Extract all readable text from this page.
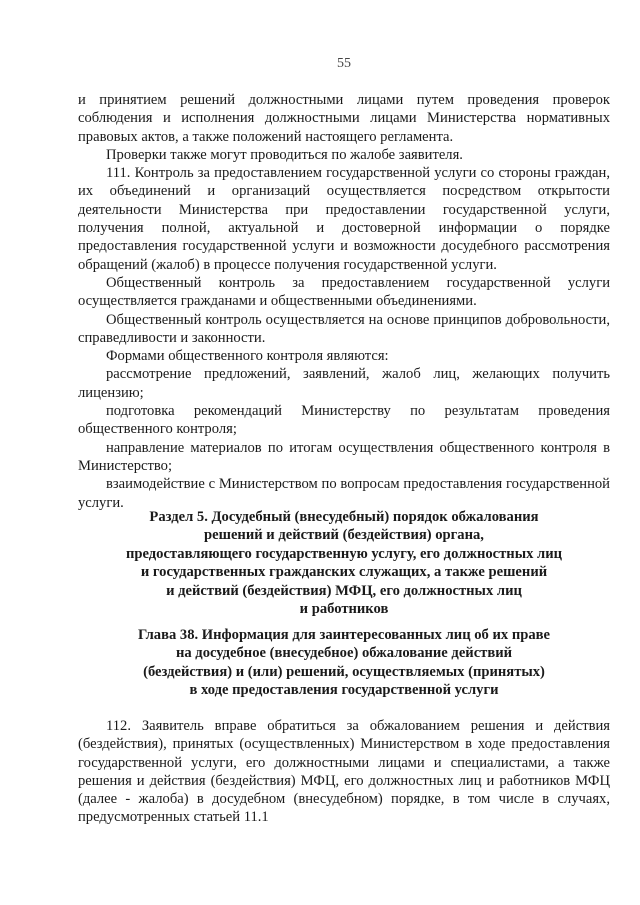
55

и принятием решений должностными лицами путем проведения проверок соблюдения и исполнения должностными лицами Министерства нормативных правовых актов, а также положений настоящего регламента.

Проверки также могут проводиться по жалобе заявителя.

111. Контроль за предоставлением государственной услуги со стороны граждан, их объединений и организаций осуществляется посредством открытости деятельности Министерства при предоставлении государственной услуги, получения полной, актуальной и достоверной информации о порядке предоставления государственной услуги и возможности досудебного рассмотрения обращений (жалоб) в процессе получения государственной услуги.

Общественный контроль за предоставлением государственной услуги осуществляется гражданами и общественными объединениями.

Общественный контроль осуществляется на основе принципов добровольности, справедливости и законности.

Формами общественного контроля являются:

рассмотрение предложений, заявлений, жалоб лиц, желающих получить лицензию;

подготовка рекомендаций Министерству по результатам проведения общественного контроля;

направление материалов по итогам осуществления общественного контроля в Министерство;

взаимодействие с Министерством по вопросам предоставления государственной услуги.

Раздел 5. Досудебный (внесудебный) порядок обжалования
решений и действий (бездействия) органа,
предоставляющего государственную услугу, его должностных лиц
и государственных гражданских служащих, а также решений
и действий (бездействия) МФЦ, его должностных лиц
и работников
Глава 38. Информация для заинтересованных лиц об их праве
на досудебное (внесудебное) обжалование действий
(бездействия) и (или) решений, осуществляемых (принятых)
в ходе предоставления государственной услуги

112. Заявитель вправе обратиться за обжалованием решения и действия (бездействия), принятых (осуществленных) Министерством в ходе предоставления государственной услуги, его должностными лицами и специалистами, а также решения и действия (бездействия) МФЦ, его должностных лиц и работников МФЦ (далее - жалоба) в досудебном (внесудебном) порядке, в том числе в случаях, предусмотренных статьей 11.1
